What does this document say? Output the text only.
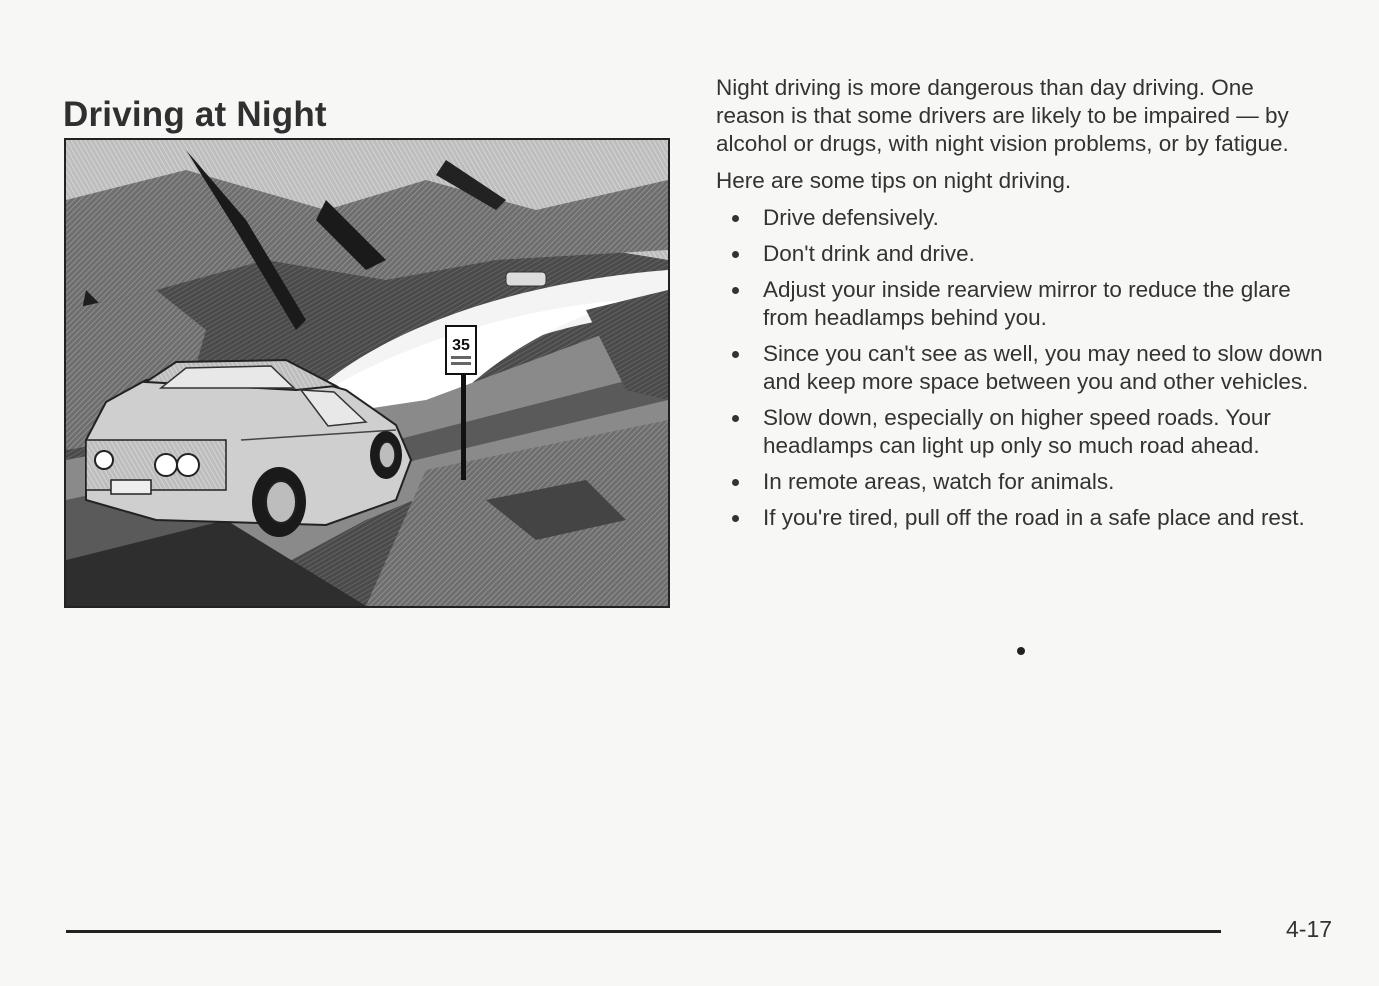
Driving at Night
35

Night driving is more dangerous than day driving. One reason is that some drivers are likely to be impaired — by alcohol or drugs, with night vision problems, or by fatigue.

Here are some tips on night driving.

Drive defensively.
Don't drink and drive.
Adjust your inside rearview mirror to reduce the glare from headlamps behind you.
Since you can't see as well, you may need to slow down and keep more space between you and other vehicles.
Slow down, especially on higher speed roads. Your headlamps can light up only so much road ahead.
In remote areas, watch for animals.
If you're tired, pull off the road in a safe place and rest.
4-17
